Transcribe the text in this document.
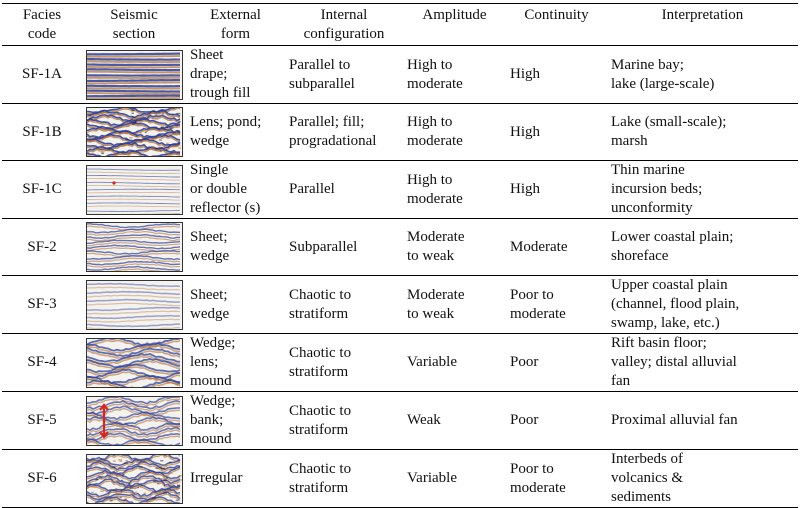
Facies
code	Seismic
section	External
form	Internal
configuration	Amplitude	Continuity	Interpretation
SF-1A		Sheet
drape;
trough fill	Parallel to
subparallel	High to
moderate	High	Marine bay;
lake (large-scale)
SF-1B		Lens; pond;
wedge	Parallel; fill;
progradational	High to
moderate	High	Lake (small-scale);
marsh
SF-1C		Single
or double
reflector (s)	Parallel	High to
moderate	High	Thin marine
incursion beds;
unconformity
SF-2		Sheet;
wedge	Subparallel	Moderate
to weak	Moderate	Lower coastal plain;
shoreface
SF-3		Sheet;
wedge	Chaotic to
stratiform	Moderate
to weak	Poor to
moderate	Upper coastal plain
(channel, flood plain,
swamp, lake, etc.)
SF-4		Wedge;
lens;
mound	Chaotic to
stratiform	Variable	Poor	Rift basin floor;
valley; distal alluvial
fan
SF-5		Wedge;
bank;
mound	Chaotic to
stratiform	Weak	Poor	Proximal alluvial fan
SF-6		Irregular	Chaotic to
stratiform	Variable	Poor to
moderate	Interbeds of
volcanics &
sediments
